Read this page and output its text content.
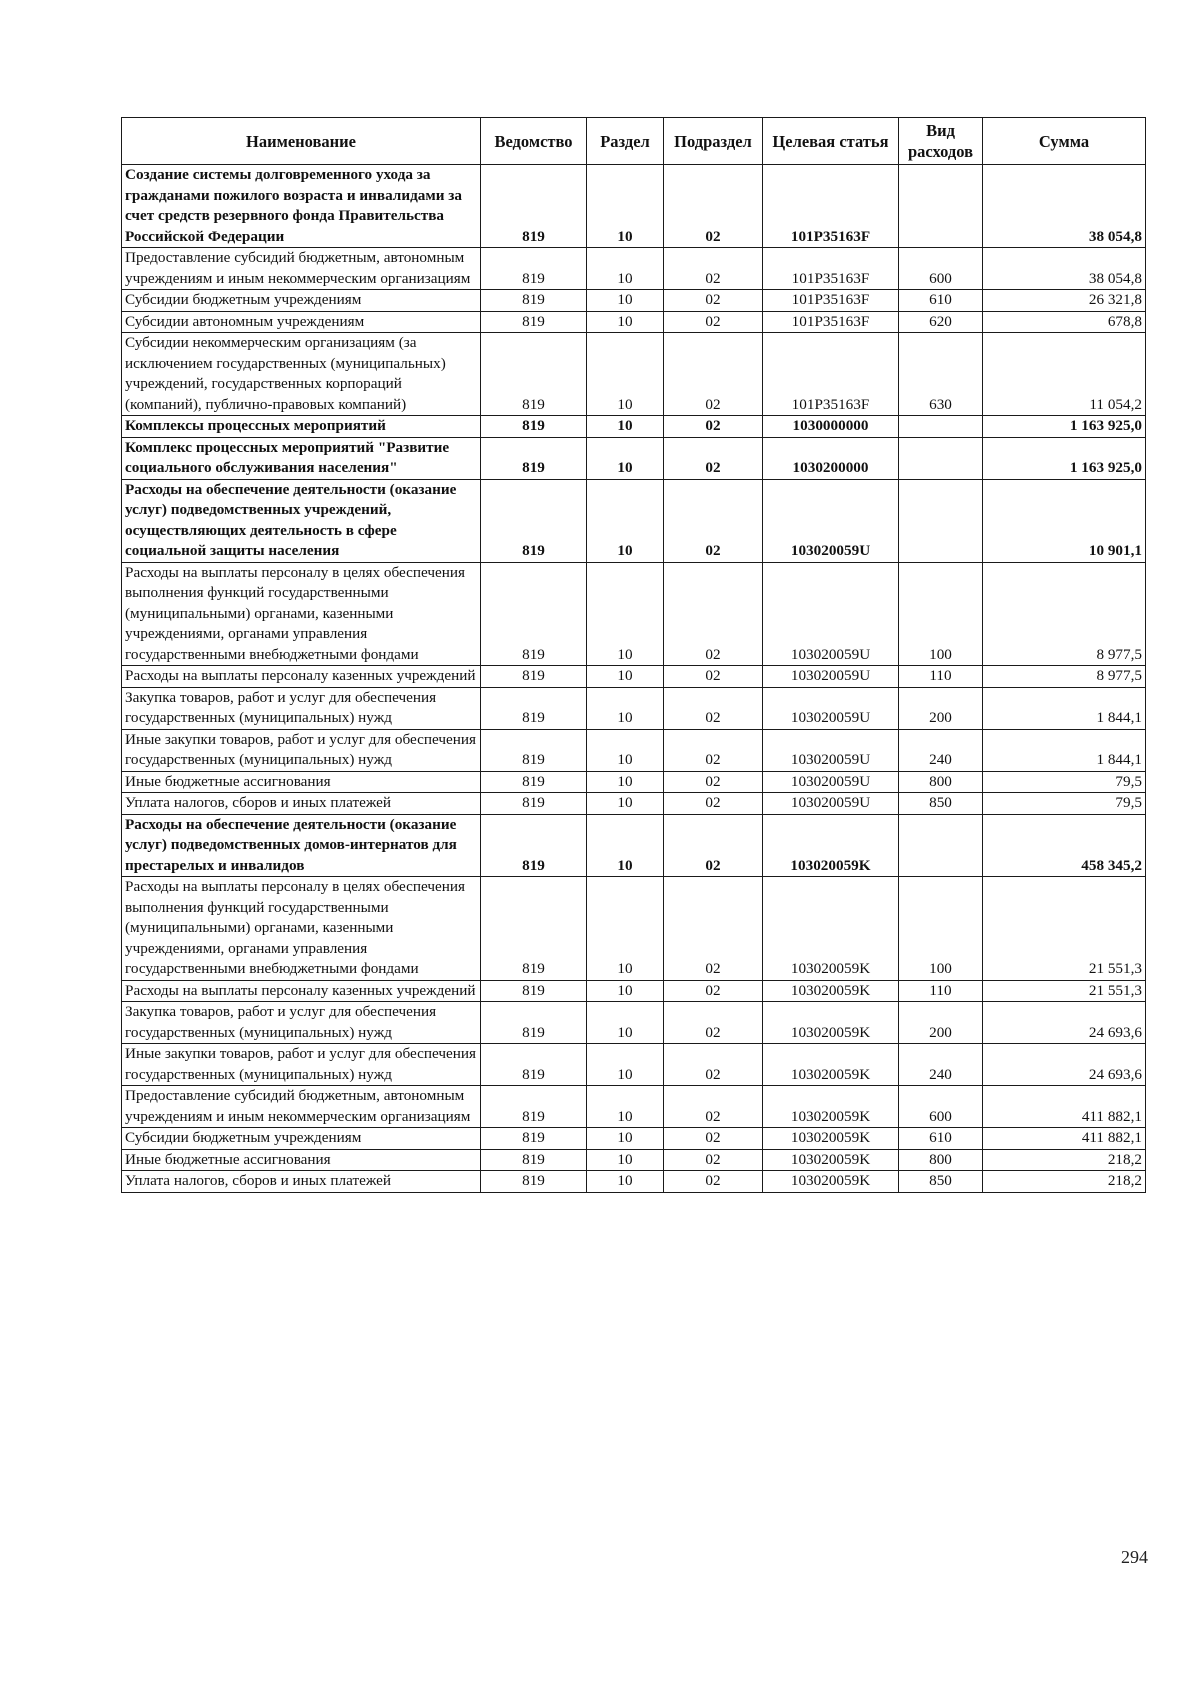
Наименование	Ведомство	Раздел	Подраздел	Целевая статья	Вид расходов	Сумма
Создание системы долговременного ухода за гражданами пожилого возраста и инвалидами за счет средств резервного фонда Правительства Российской Федерации	819	10	02	101P35163F		38 054,8
Предоставление субсидий бюджетным, автономным учреждениям и иным некоммерческим организациям	819	10	02	101P35163F	600	38 054,8
Субсидии бюджетным учреждениям	819	10	02	101P35163F	610	26 321,8
Субсидии автономным учреждениям	819	10	02	101P35163F	620	678,8
Субсидии некоммерческим организациям (за исключением государственных (муниципальных) учреждений, государственных корпораций (компаний), публично-правовых компаний)	819	10	02	101P35163F	630	11 054,2
Комплексы процессных мероприятий	819	10	02	1030000000		1 163 925,0
Комплекс процессных мероприятий "Развитие социального обслуживания населения"	819	10	02	1030200000		1 163 925,0
Расходы на обеспечение деятельности (оказание услуг) подведомственных учреждений, осуществляющих деятельность в сфере социальной защиты населения	819	10	02	103020059U		10 901,1
Расходы на выплаты персоналу в целях обеспечения выполнения функций государственными (муниципальными) органами, казенными учреждениями, органами управления государственными внебюджетными фондами	819	10	02	103020059U	100	8 977,5
Расходы на выплаты персоналу казенных учреждений	819	10	02	103020059U	110	8 977,5
Закупка товаров, работ и услуг для обеспечения государственных (муниципальных) нужд	819	10	02	103020059U	200	1 844,1
Иные закупки товаров, работ и услуг для обеспечения государственных (муниципальных) нужд	819	10	02	103020059U	240	1 844,1
Иные бюджетные ассигнования	819	10	02	103020059U	800	79,5
Уплата налогов, сборов и иных платежей	819	10	02	103020059U	850	79,5
Расходы на обеспечение деятельности (оказание услуг) подведомственных домов-интернатов для престарелых и инвалидов	819	10	02	103020059K		458 345,2
Расходы на выплаты персоналу в целях обеспечения выполнения функций государственными (муниципальными) органами, казенными учреждениями, органами управления государственными внебюджетными фондами	819	10	02	103020059K	100	21 551,3
Расходы на выплаты персоналу казенных учреждений	819	10	02	103020059K	110	21 551,3
Закупка товаров, работ и услуг для обеспечения государственных (муниципальных) нужд	819	10	02	103020059K	200	24 693,6
Иные закупки товаров, работ и услуг для обеспечения государственных (муниципальных) нужд	819	10	02	103020059K	240	24 693,6
Предоставление субсидий бюджетным, автономным учреждениям и иным некоммерческим организациям	819	10	02	103020059K	600	411 882,1
Субсидии бюджетным учреждениям	819	10	02	103020059K	610	411 882,1
Иные бюджетные ассигнования	819	10	02	103020059K	800	218,2
Уплата налогов, сборов и иных платежей	819	10	02	103020059K	850	218,2
294
